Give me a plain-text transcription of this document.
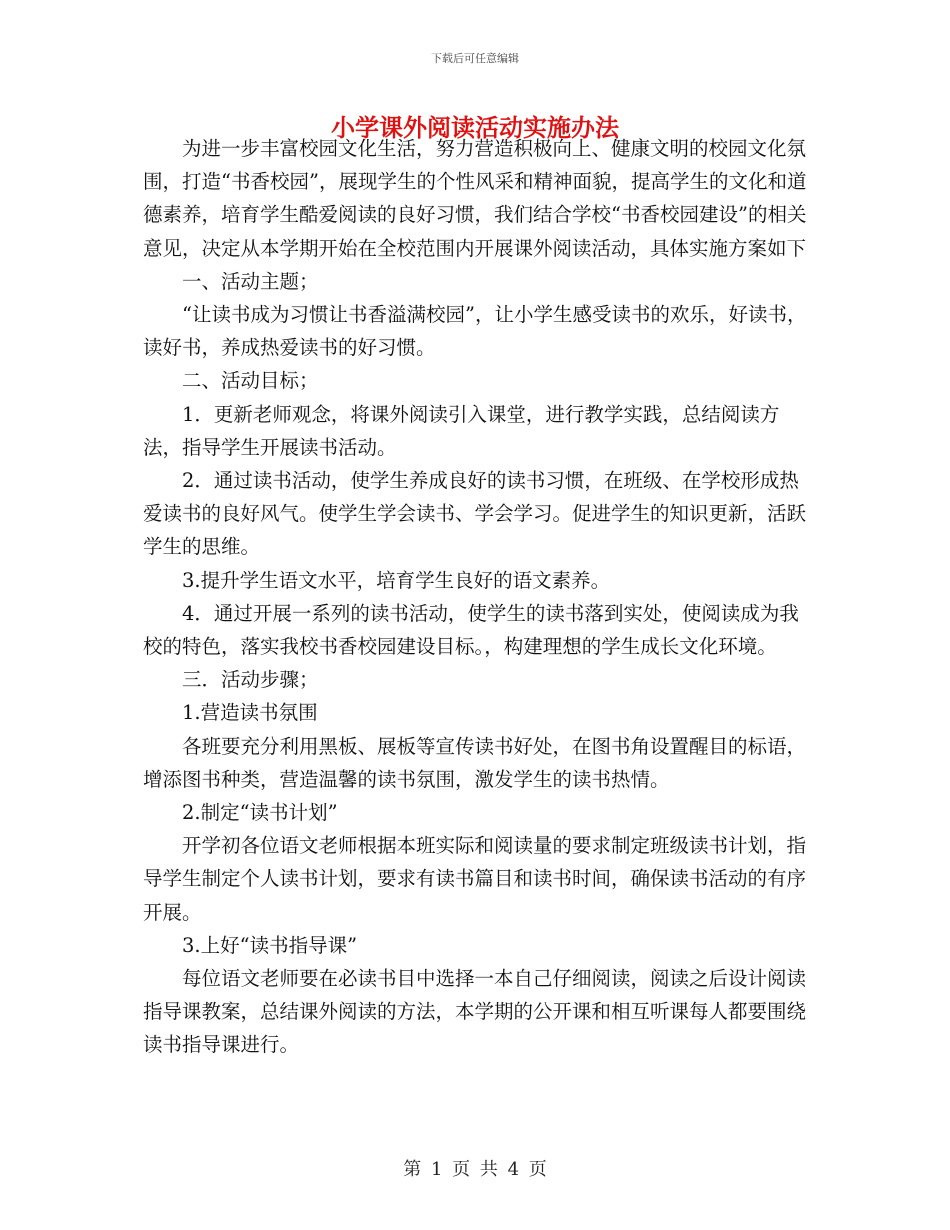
下载后可任意编辑
小学课外阅读活动实施办法

为进一步丰富校园文化生活，努力营造积极向上、健康文明的校园文化氛围，打造“书香校园”，展现学生的个性风采和精神面貌，提高学生的文化和道德素养，培育学生酷爱阅读的良好习惯，我们结合学校“书香校园建设”的相关意见，决定从本学期开始在全校范围内开展课外阅读活动，具体实施方案如下

一、活动主题；

“让读书成为习惯让书香溢满校园”，让小学生感受读书的欢乐，好读书，读好书，养成热爱读书的好习惯。

二、活动目标；

1．更新老师观念，将课外阅读引入课堂，进行教学实践，总结阅读方法，指导学生开展读书活动。

2．通过读书活动，使学生养成良好的读书习惯，在班级、在学校形成热爱读书的良好风气。使学生学会读书、学会学习。促进学生的知识更新，活跃学生的思维。

3.提升学生语文水平，培育学生良好的语文素养。

4．通过开展一系列的读书活动，使学生的读书落到实处，使阅读成为我校的特色，落实我校书香校园建设目标。，构建理想的学生成长文化环境。

三．活动步骤；

1.营造读书氛围

各班要充分利用黑板、展板等宣传读书好处，在图书角设置醒目的标语，增添图书种类，营造温馨的读书氛围，激发学生的读书热情。

2.制定“读书计划”

开学初各位语文老师根据本班实际和阅读量的要求制定班级读书计划，指导学生制定个人读书计划，要求有读书篇目和读书时间，确保读书活动的有序开展。

3.上好“读书指导课”

每位语文老师要在必读书目中选择一本自己仔细阅读，阅读之后设计阅读指导课教案，总结课外阅读的方法，本学期的公开课和相互听课每人都要围绕读书指导课进行。

第 1 页 共 4 页
